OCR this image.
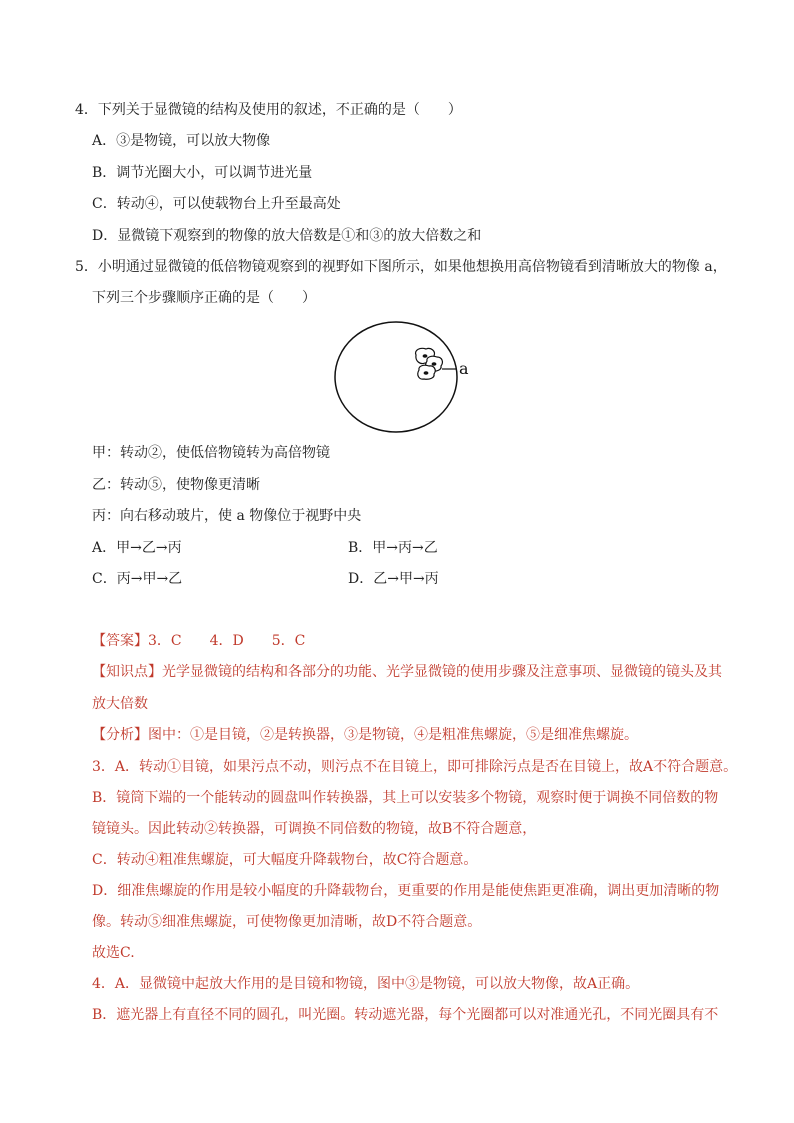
4．下列关于显微镜的结构及使用的叙述，不正确的是（　　）
A．③是物镜，可以放大物像
B．调节光圈大小，可以调节进光量
C．转动④，可以使载物台上升至最高处
D．显微镜下观察到的物像的放大倍数是①和③的放大倍数之和
5．小明通过显微镜的低倍物镜观察到的视野如下图所示，如果他想换用高倍物镜看到清晰放大的物像 a，
下列三个步骤顺序正确的是（　　）
a
甲：转动②，使低倍物镜转为高倍物镜
乙：转动⑤，使物像更清晰
丙：向右移动玻片，使 a 物像位于视野中央
A．甲→乙→丙	B．甲→丙→乙
C．丙→甲→乙	D．乙→甲→丙
【答案】3．C　　4．D　　5．C
【知识点】光学显微镜的结构和各部分的功能、光学显微镜的使用步骤及注意事项、显微镜的镜头及其
放大倍数
【分析】图中：①是目镜，②是转换器，③是物镜，④是粗准焦螺旋，⑤是细准焦螺旋。
3．A．转动①目镜，如果污点不动，则污点不在目镜上，即可排除污点是否在目镜上，故A不符合题意。
B．镜筒下端的一个能转动的圆盘叫作转换器，其上可以安装多个物镜，观察时便于调换不同倍数的物
镜镜头。因此转动②转换器，可调换不同倍数的物镜，故B不符合题意，
C．转动④粗准焦螺旋，可大幅度升降载物台，故C符合题意。
D．细准焦螺旋的作用是较小幅度的升降载物台，更重要的作用是能使焦距更准确，调出更加清晰的物
像。转动⑤细准焦螺旋，可使物像更加清晰，故D不符合题意。
故选C.
4．A．显微镜中起放大作用的是目镜和物镜，图中③是物镜，可以放大物像，故A正确。
B．遮光器上有直径不同的圆孔，叫光圈。转动遮光器，每个光圈都可以对准通光孔，不同光圈具有不
